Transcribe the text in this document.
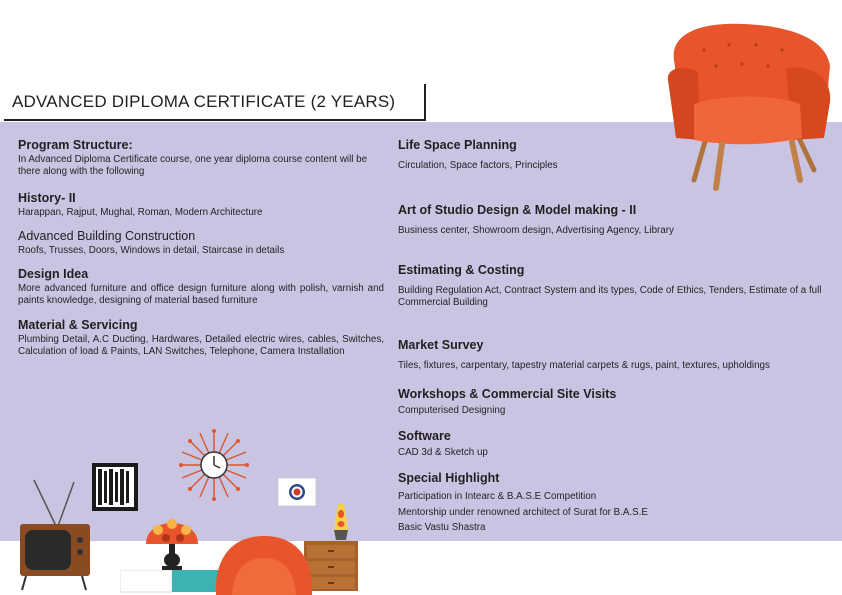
ADVANCED DIPLOMA CERTIFICATE (2 YEARS)
Program Structure:
In Advanced Diploma Certificate course, one year diploma course content will be there along with the following
History- II
Harappan, Rajput, Mughal, Roman, Modern Architecture
Advanced Building Construction
Roofs, Trusses, Doors, Windows in detail, Staircase in details
Design Idea
More advanced furniture and office design furniture along with polish, varnish and paints knowledge, designing of material based furniture
Material & Servicing
Plumbing Detail, A.C Ducting, Hardwares, Detailed electric wires, cables, Switches, Calculation of load & Paints, LAN Switches, Telephone, Camera Installation
Life Space Planning
Circulation, Space factors, Principles
Art of Studio Design & Model making - II
Business center, Showroom design, Advertising Agency, Library
Estimating & Costing
Building Regulation Act, Contract System and its types, Code of Ethics, Tenders, Estimate of a full Commercial Building
Market Survey
Tiles, fixtures, carpentary, tapestry material carpets & rugs, paint, textures, upholdings
Workshops & Commercial Site Visits
Computerised Designing
Software
CAD 3d & Sketch up
Special Highlight

Participation in Intearc & B.A.S.E Competition

Mentorship under renowned architect of Surat for B.A.S.E

Basic Vastu Shastra
